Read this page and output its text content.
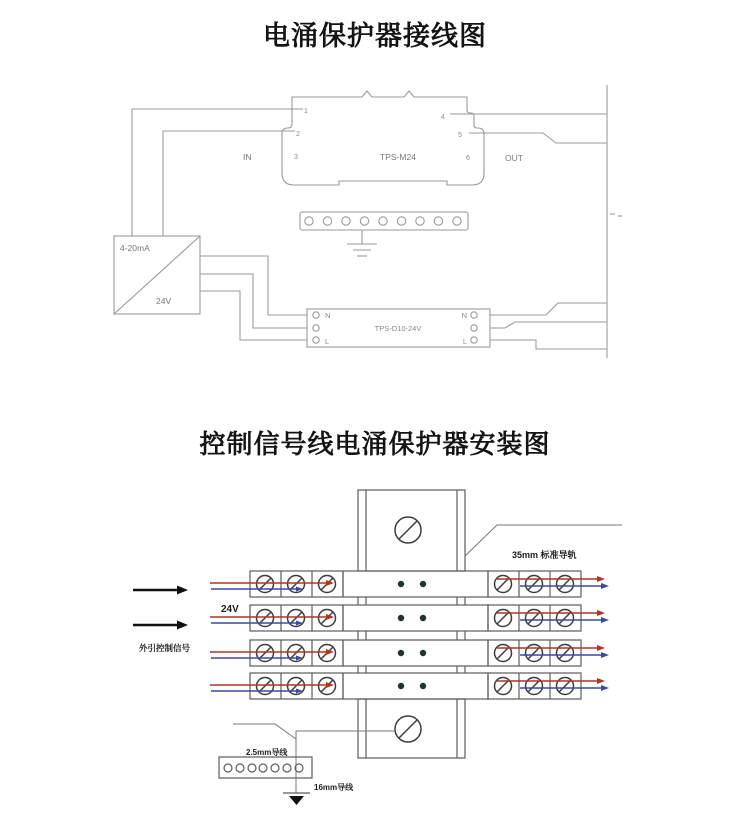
电涌保护器接线图
控制信号线电涌保护器安装图
1
2
3
4
5
6
TPS-M24
IN	OUT
4-20mA
24V
N
L
N
L
TPS-D10-24V
35mm 标准导轨
24V
外引控制信号
2.5mm导线
16mm导线
